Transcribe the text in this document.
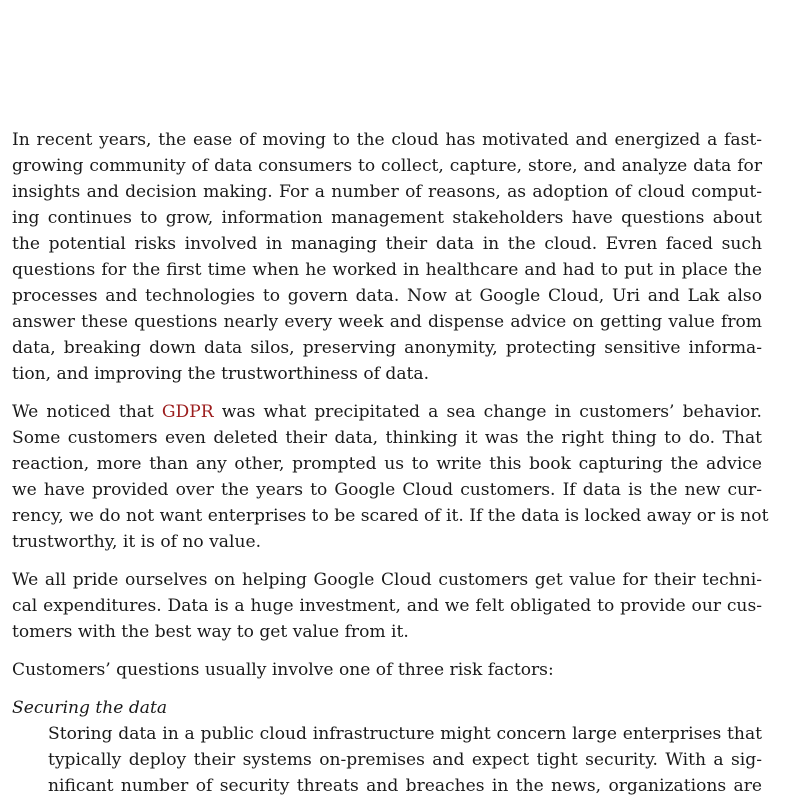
In recent years, the ease of moving to the cloud has motivated and energized a fast-
growing community of data consumers to collect, capture, store, and analyze data for
insights and decision making. For a number of reasons, as adoption of cloud comput-
ing continues to grow, information management stakeholders have questions about
the potential risks involved in managing their data in the cloud. Evren faced such
questions for the first time when he worked in healthcare and had to put in place the
processes and technologies to govern data. Now at Google Cloud, Uri and Lak also
answer these questions nearly every week and dispense advice on getting value from
data, breaking down data silos, preserving anonymity, protecting sensitive informa-
tion, and improving the trustworthiness of data.

We noticed that GDPR was what precipitated a sea change in customers’ behavior.
Some customers even deleted their data, thinking it was the right thing to do. That
reaction, more than any other, prompted us to write this book capturing the advice
we have provided over the years to Google Cloud customers. If data is the new cur-
rency, we do not want enterprises to be scared of it. If the data is locked away or is not
trustworthy, it is of no value.

We all pride ourselves on helping Google Cloud customers get value for their techni-
cal expenditures. Data is a huge investment, and we felt obligated to provide our cus-
tomers with the best way to get value from it.

Customers’ questions usually involve one of three risk factors:

Securing the data
Storing data in a public cloud infrastructure might concern large enterprises that
typically deploy their systems on-premises and expect tight security. With a sig-
nificant number of security threats and breaches in the news, organizations are
